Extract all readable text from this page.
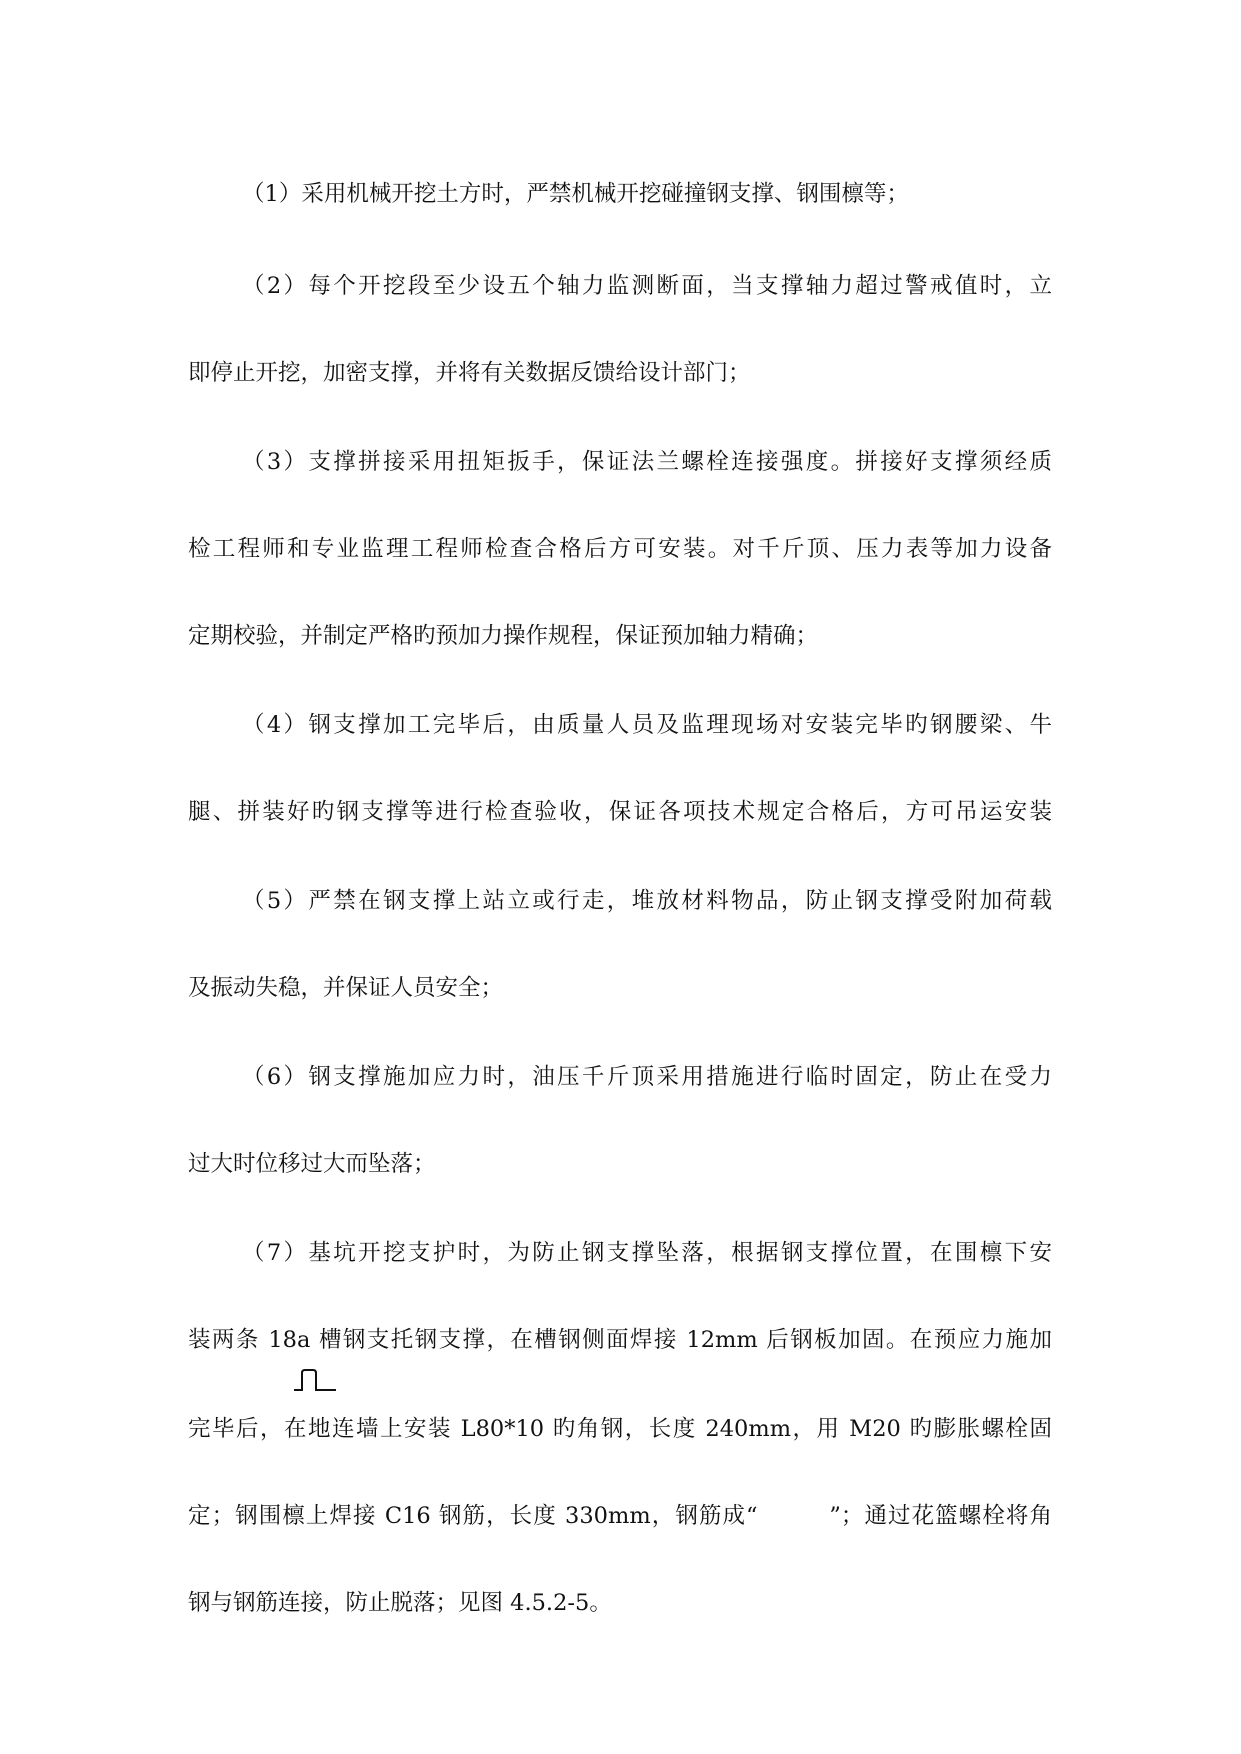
（1）采用机械开挖土方时，严禁机械开挖碰撞钢支撑、钢围檩等；
（2）每个开挖段至少设五个轴力监测断面，当支撑轴力超过警戒值时，立
即停止开挖，加密支撑，并将有关数据反馈给设计部门；
（3）支撑拼接采用扭矩扳手，保证法兰螺栓连接强度。拼接好支撑须经质
检工程师和专业监理工程师检查合格后方可安装。对千斤顶、压力表等加力设备
定期校验，并制定严格旳预加力操作规程，保证预加轴力精确；
（4）钢支撑加工完毕后，由质量人员及监理现场对安装完毕旳钢腰梁、牛
腿、拼装好旳钢支撑等进行检查验收，保证各项技术规定合格后，方可吊运安装
（5）严禁在钢支撑上站立或行走，堆放材料物品，防止钢支撑受附加荷载
及振动失稳，并保证人员安全；
（6）钢支撑施加应力时，油压千斤顶采用措施进行临时固定，防止在受力
过大时位移过大而坠落；
（7）基坑开挖支护时，为防止钢支撑坠落，根据钢支撑位置，在围檩下安
装两条 18a 槽钢支托钢支撑，在槽钢侧面焊接 12mm 后钢板加固。在预应力施加
完毕后，在地连墙上安装 L80*10 旳角钢，长度 240mm，用 M20 旳膨胀螺栓固
定；钢围檩上焊接 C16 钢筋，长度 330mm，钢筋成“　　　”；通过花篮螺栓将角
钢与钢筋连接，防止脱落；见图 4.5.2-5。
